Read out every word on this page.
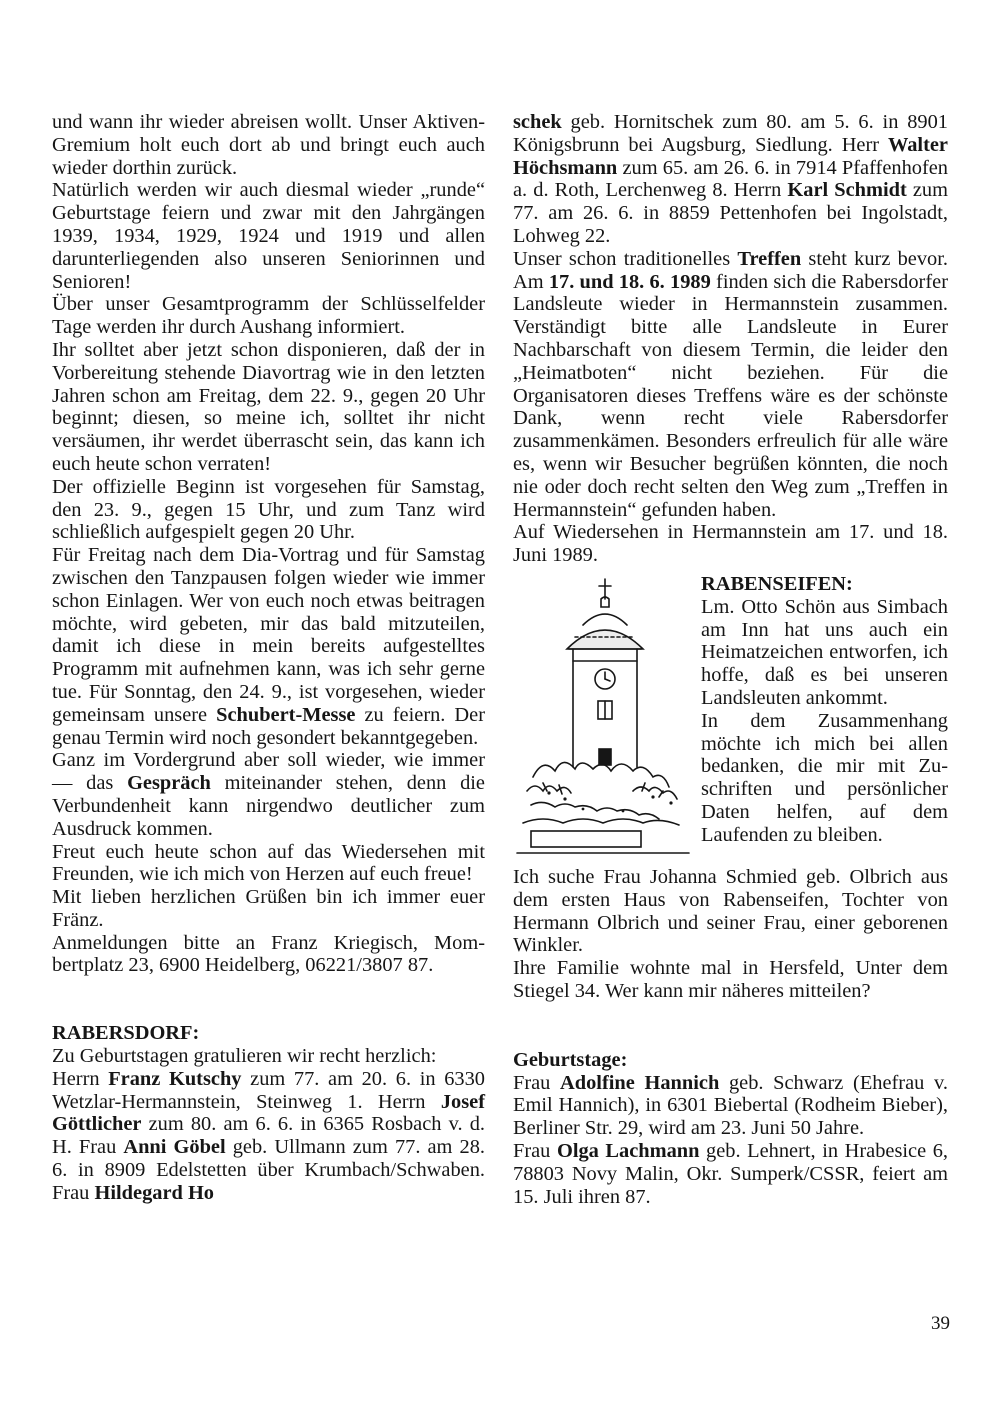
und wann ihr wieder abreisen wollt. Unser Aktiven-Gremium holt euch dort ab und bringt euch auch wieder dorthin zurück.

Natürlich werden wir auch diesmal wieder „runde“ Geburtstage feiern und zwar mit den Jahrgängen 1939, 1934, 1929, 1924 und 1919 und allen darunterliegenden also unseren Seniorinnen und Senioren!

Über unser Gesamtprogramm der Schlüsselfelder Tage werden ihr durch Aushang informiert.

Ihr solltet aber jetzt schon disponieren, daß der in Vorbereitung stehende Diavortrag wie in den letzten Jahren schon am Freitag, dem 22. 9., gegen 20 Uhr beginnt; diesen, so meine ich, solltet ihr nicht versäumen, ihr werdet überrascht sein, das kann ich euch heute schon verraten!

Der offizielle Beginn ist vorgesehen für Samstag, den 23. 9., gegen 15 Uhr, und zum Tanz wird schließlich aufgespielt gegen 20 Uhr.

Für Freitag nach dem Dia-Vortrag und für Samstag zwischen den Tanzpausen folgen wieder wie immer schon Einlagen. Wer von euch noch etwas beitragen möchte, wird gebeten, mir das bald mitzuteilen, damit ich diese in mein bereits aufgestelltes Programm mit aufnehmen kann, was ich sehr gerne tue. Für Sonntag, den 24. 9., ist vorgesehen, wieder gemeinsam unsere Schubert-Messe zu feiern. Der genau Termin wird noch gesondert bekanntgegeben.

Ganz im Vordergrund aber soll wieder, wie immer — das Gespräch miteinander stehen, denn die Verbundenheit kann nirgendwo deutlicher zum Ausdruck kommen.

Freut euch heute schon auf das Wiedersehen mit Freunden, wie ich mich von Herzen auf euch freue!

Mit lieben herzlichen Grüßen bin ich immer euer Fränz.

Anmeldungen bitte an Franz Kriegisch, Mombertplatz 23, 6900 Heidelberg, 06221/3807 87.

RABERSDORF:

Zu Geburtstagen gratulieren wir recht herzlich:

Herrn Franz Kutschy zum 77. am 20. 6. in 6330 Wetzlar-Hermannstein, Steinweg 1. Herrn Josef Göttlicher zum 80. am 6. 6. in 6365 Rosbach v. d. H. Frau Anni Göbel geb. Ullmann zum 77. am 28. 6. in 8909 Edelstetten über Krumbach/Schwaben. Frau Hildegard Ho

schek geb. Hornitschek zum 80. am 5. 6. in 8901 Königsbrunn bei Augsburg, Siedlung. Herr Walter Höchsmann zum 65. am 26. 6. in 7914 Pfaffenhofen a. d. Roth, Lerchenweg 8. Herrn Karl Schmidt zum 77. am 26. 6. in 8859 Pettenhofen bei Ingolstadt, Lohweg 22.

Unser schon traditionelles Treffen steht kurz bevor. Am 17. und 18. 6. 1989 finden sich die Rabersdorfer Landsleute wieder in Hermannstein zusammen. Verständigt bitte alle Landsleute in Eurer Nachbarschaft von diesem Termin, die leider den „Heimatboten“ nicht beziehen. Für die Organisatoren dieses Treffens wäre es der schönste Dank, wenn recht viele Rabersdorfer zusammenkämen. Besonders erfreulich für alle wäre es, wenn wir Besucher begrüßen könnten, die noch nie oder doch recht selten den Weg zum „Treffen in Hermannstein“ gefunden haben.

Auf Wiedersehen in Hermannstein am 17. und 18. Juni 1989.

RABENSEIFEN:

Lm. Otto Schön aus Simbach am Inn hat uns auch ein Heimatzeichen entworfen, ich hoffe, daß es bei unseren Landsleuten ankommt.

In dem Zusammenhang möchte ich mich bei allen bedanken, die mir mit Zuschriften und persönlicher Daten helfen, auf dem Laufenden zu bleiben.

Ich suche Frau Johanna Schmied geb. Olbrich aus dem ersten Haus von Rabenseifen, Tochter von Hermann Olbrich und seiner Frau, einer geborenen Winkler.

Ihre Familie wohnte mal in Hersfeld, Unter dem Stiegel 34. Wer kann mir näheres mitteilen?

Geburtstage:

Frau Adolfine Hannich geb. Schwarz (Ehefrau v. Emil Hannich), in 6301 Biebertal (Rodheim Bieber), Berliner Str. 29, wird am 23. Juni 50 Jahre.

Frau Olga Lachmann geb. Lehnert, in Hrabesice 6, 78803 Novy Malin, Okr. Sumperk/CSSR, feiert am 15. Juli ihren 87.

39
